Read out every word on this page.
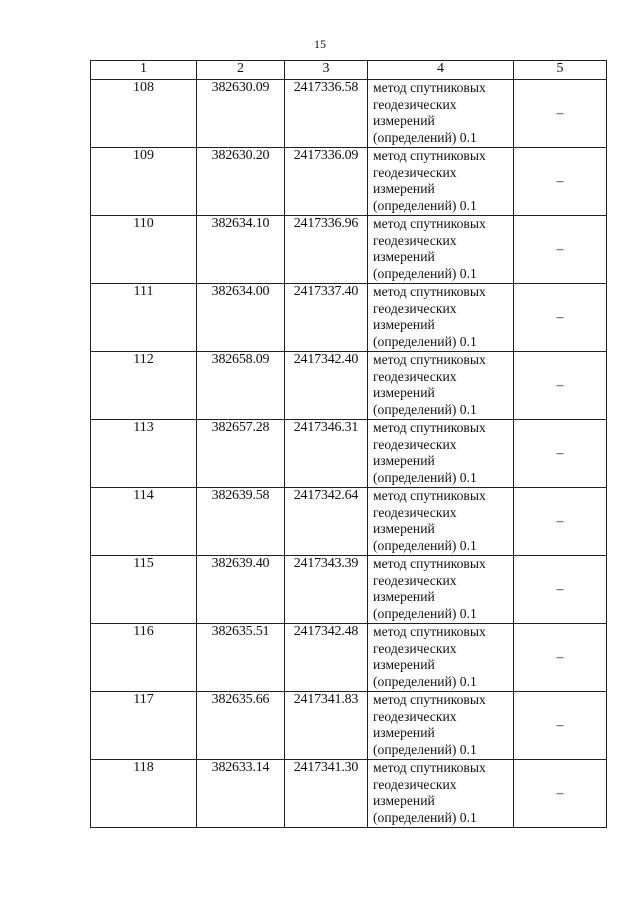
15
1	2	3	4	5
108	382630.09	2417336.58	метод спутниковых геодезических измерений (определений) 0.1	–
109	382630.20	2417336.09	метод спутниковых геодезических измерений (определений) 0.1	–
110	382634.10	2417336.96	метод спутниковых геодезических измерений (определений) 0.1	–
111	382634.00	2417337.40	метод спутниковых геодезических измерений (определений) 0.1	–
112	382658.09	2417342.40	метод спутниковых геодезических измерений (определений) 0.1	–
113	382657.28	2417346.31	метод спутниковых геодезических измерений (определений) 0.1	–
114	382639.58	2417342.64	метод спутниковых геодезических измерений (определений) 0.1	–
115	382639.40	2417343.39	метод спутниковых геодезических измерений (определений) 0.1	–
116	382635.51	2417342.48	метод спутниковых геодезических измерений (определений) 0.1	–
117	382635.66	2417341.83	метод спутниковых геодезических измерений (определений) 0.1	–
118	382633.14	2417341.30	метод спутниковых геодезических измерений (определений) 0.1	–
